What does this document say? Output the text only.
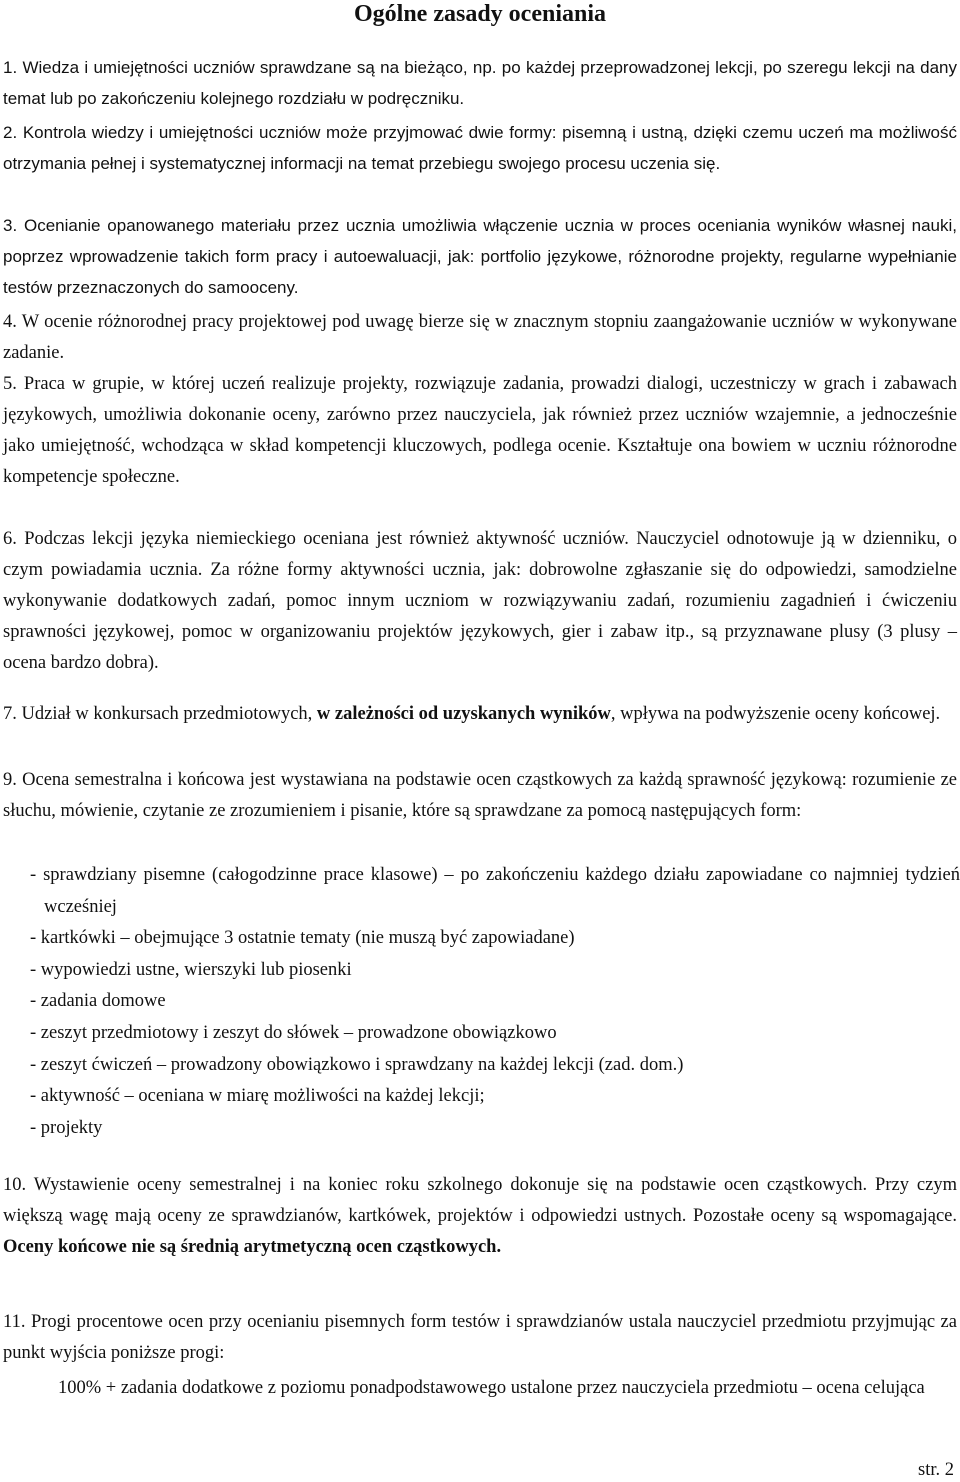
Ogólne zasady oceniania

1. Wiedza i umiejętności uczniów sprawdzane są na bieżąco, np. po każdej przeprowadzonej lekcji, po szeregu lekcji na dany temat lub po zakończeniu kolejnego rozdziału w podręczniku.

2. Kontrola wiedzy i umiejętności uczniów może przyjmować dwie formy: pisemną i ustną, dzięki czemu uczeń ma możliwość otrzymania pełnej i systematycznej informacji na temat przebiegu swojego procesu uczenia się.

3. Ocenianie opanowanego materiału przez ucznia umożliwia włączenie ucznia w proces oceniania wyników własnej nauki, poprzez wprowadzenie takich form pracy i autoewaluacji, jak: portfolio językowe, różnorodne projekty, regularne wypełnianie testów przeznaczonych do samooceny.

4. W ocenie różnorodnej pracy projektowej pod uwagę bierze się w znacznym stopniu zaangażowanie uczniów w wykonywane zadanie.

5. Praca w grupie, w której uczeń realizuje projekty, rozwiązuje zadania, prowadzi dialogi, uczestniczy w grach i zabawach językowych, umożliwia dokonanie oceny, zarówno przez nauczyciela, jak również przez uczniów wzajemnie, a jednocześnie jako umiejętność, wchodząca w skład kompetencji kluczowych, podlega ocenie. Kształtuje ona bowiem w uczniu różnorodne kompetencje społeczne.

6. Podczas lekcji języka niemieckiego oceniana jest również aktywność uczniów. Nauczyciel odnotowuje ją w dzienniku, o czym powiadamia ucznia. Za różne formy aktywności ucznia, jak: dobrowolne zgłaszanie się do odpowiedzi, samodzielne wykonywanie dodatkowych zadań, pomoc innym uczniom w rozwiązywaniu zadań, rozumieniu zagadnień i ćwiczeniu sprawności językowej, pomoc w organizowaniu projektów językowych, gier i zabaw itp., są przyznawane plusy (3 plusy – ocena bardzo dobra).

7. Udział w konkursach przedmiotowych, w zależności od uzyskanych wyników, wpływa na podwyższenie oceny końcowej.

9. Ocena semestralna i końcowa jest wystawiana na podstawie ocen cząstkowych za każdą sprawność językową: rozumienie ze słuchu, mówienie, czytanie ze zrozumieniem i pisanie, które są sprawdzane za pomocą następujących form:

- sprawdziany pisemne (całogodzinne prace klasowe) – po zakończeniu każdego działu zapowiadane co najmniej tydzień wcześniej
- kartkówki – obejmujące 3 ostatnie tematy (nie muszą być zapowiadane)
- wypowiedzi ustne, wierszyki lub piosenki
- zadania domowe
- zeszyt przedmiotowy i zeszyt do słówek – prowadzone obowiązkowo
- zeszyt ćwiczeń – prowadzony obowiązkowo i sprawdzany na każdej lekcji (zad. dom.)
- aktywność – oceniana w miarę możliwości na każdej lekcji;
- projekty

10. Wystawienie oceny semestralnej i na koniec roku szkolnego dokonuje się na podstawie ocen cząstkowych. Przy czym większą wagę mają oceny ze sprawdzianów, kartkówek, projektów i odpowiedzi ustnych. Pozostałe oceny są wspomagające. Oceny końcowe nie są średnią arytmetyczną ocen cząstkowych.

11. Progi procentowe ocen przy ocenianiu pisemnych form testów i sprawdzianów ustala nauczyciel przedmiotu przyjmując za punkt wyjścia poniższe progi:

100% + zadania dodatkowe z poziomu ponadpodstawowego ustalone przez nauczyciela przedmiotu – ocena celująca

str. 2
